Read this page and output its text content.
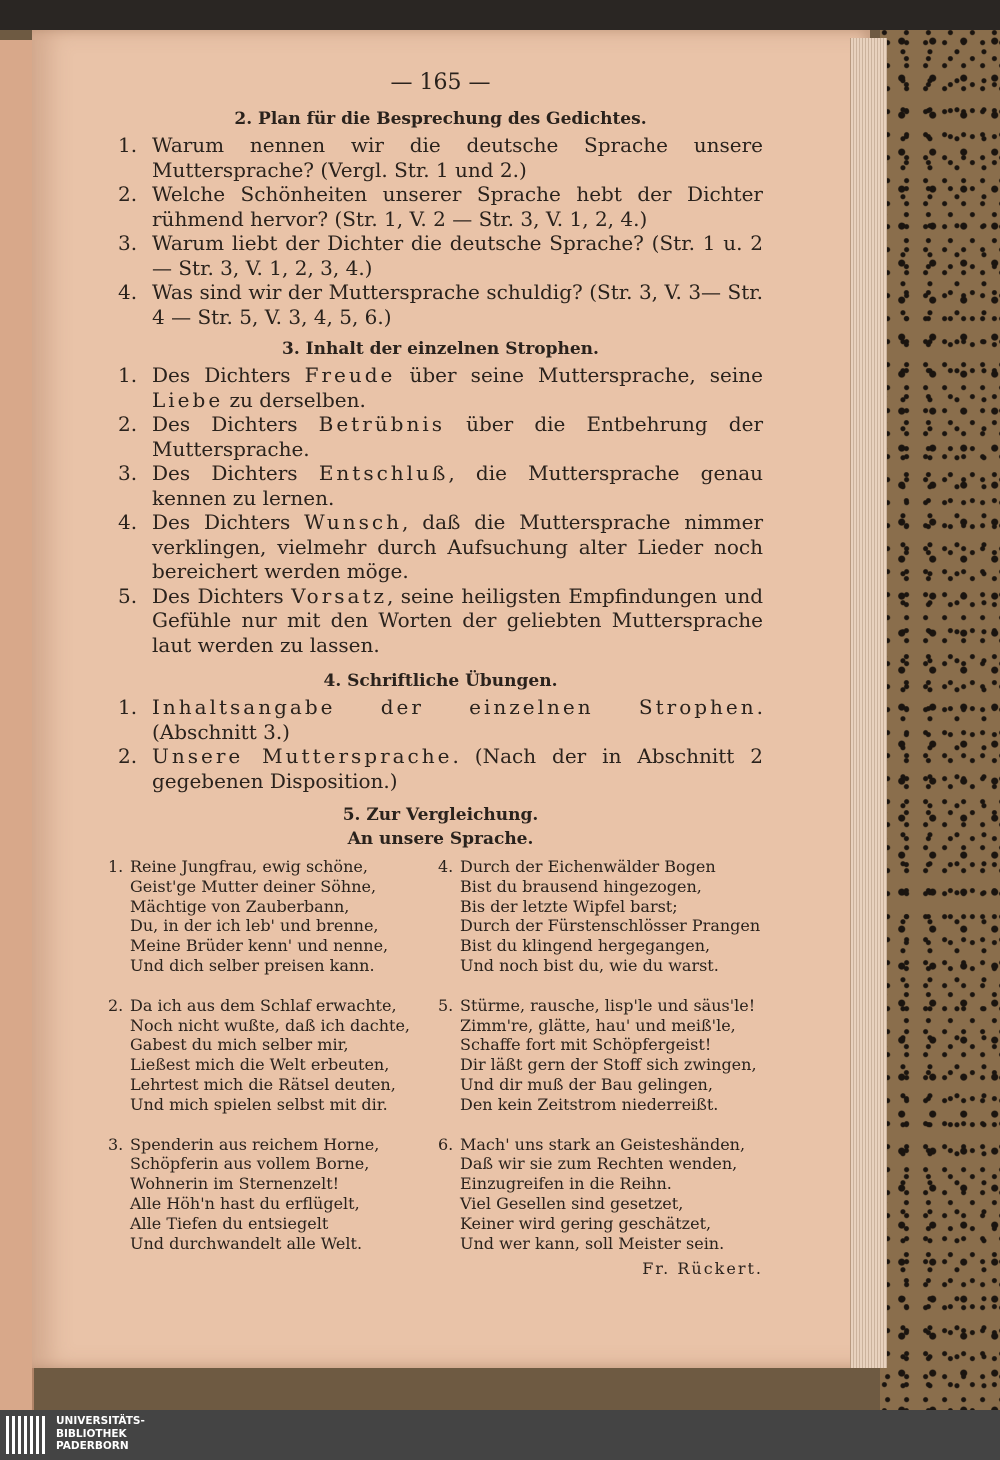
— 165 —
2. Plan für die Besprechung des Gedichtes.
1. Warum nennen wir die deutsche Sprache unsere Muttersprache? (Vergl. Str. 1 und 2.)
2. Welche Schönheiten unserer Sprache hebt der Dichter rühmend hervor? (Str. 1, V. 2 — Str. 3, V. 1, 2, 4.)
3. Warum liebt der Dichter die deutsche Sprache? (Str. 1 u. 2— Str. 3, V. 1, 2, 3, 4.)
4. Was sind wir der Muttersprache schuldig? (Str. 3, V. 3— Str. 4 — Str. 5, V. 3, 4, 5, 6.)
3. Inhalt der einzelnen Strophen.
1. Des Dichters Freude über seine Muttersprache, seine Liebe zu derselben.
2. Des Dichters Betrübnis über die Entbehrung der Muttersprache.
3. Des Dichters Entschluß, die Muttersprache genau kennen zu lernen.
4. Des Dichters Wunsch, daß die Muttersprache nimmer verklingen, vielmehr durch Aufsuchung alter Lieder noch bereichert werden möge.
5. Des Dichters Vorsatz, seine heiligsten Empfindungen und Gefühle nur mit den Worten der geliebten Muttersprache laut werden zu lassen.
4. Schriftliche Übungen.
1. Inhaltsangabe der einzelnen Strophen. (Abschnitt 3.)
2. Unsere Muttersprache. (Nach der in Abschnitt 2 gegebenen Disposition.)
5. Zur Vergleichung.
An unsere Sprache.
1. Reine Jungfrau, ewig schöne,
Geist'ge Mutter deiner Söhne,
Mächtige von Zauberbann,
Du, in der ich leb' und brenne,
Meine Brüder kenn' und nenne,
Und dich selber preisen kann.
2. Da ich aus dem Schlaf erwachte,
Noch nicht wußte, daß ich dachte,
Gabest du mich selber mir,
Ließest mich die Welt erbeuten,
Lehrtest mich die Rätsel deuten,
Und mich spielen selbst mit dir.
3. Spenderin aus reichem Horne,
Schöpferin aus vollem Borne,
Wohnerin im Sternenzelt!
Alle Höh'n hast du erflügelt,
Alle Tiefen du entsiegelt
Und durchwandelt alle Welt.
4. Durch der Eichenwälder Bogen
Bist du brausend hingezogen,
Bis der letzte Wipfel barst;
Durch der Fürstenschlösser Prangen
Bist du klingend hergegangen,
Und noch bist du, wie du warst.
5. Stürme, rausche, lisp'le und säus'le!
Zimm're, glätte, hau' und meiß'le,
Schaffe fort mit Schöpfergeist!
Dir läßt gern der Stoff sich zwingen,
Und dir muß der Bau gelingen,
Den kein Zeitstrom niederreißt.
6. Mach' uns stark an Geisteshänden,
Daß wir sie zum Rechten wenden,
Einzugreifen in die Reihn.
Viel Gesellen sind gesetzet,
Keiner wird gering geschätzet,
Und wer kann, soll Meister sein.
Fr. Rückert.
UNIVERSITÄTS-
BIBLIOTHEK
PADERBORN
